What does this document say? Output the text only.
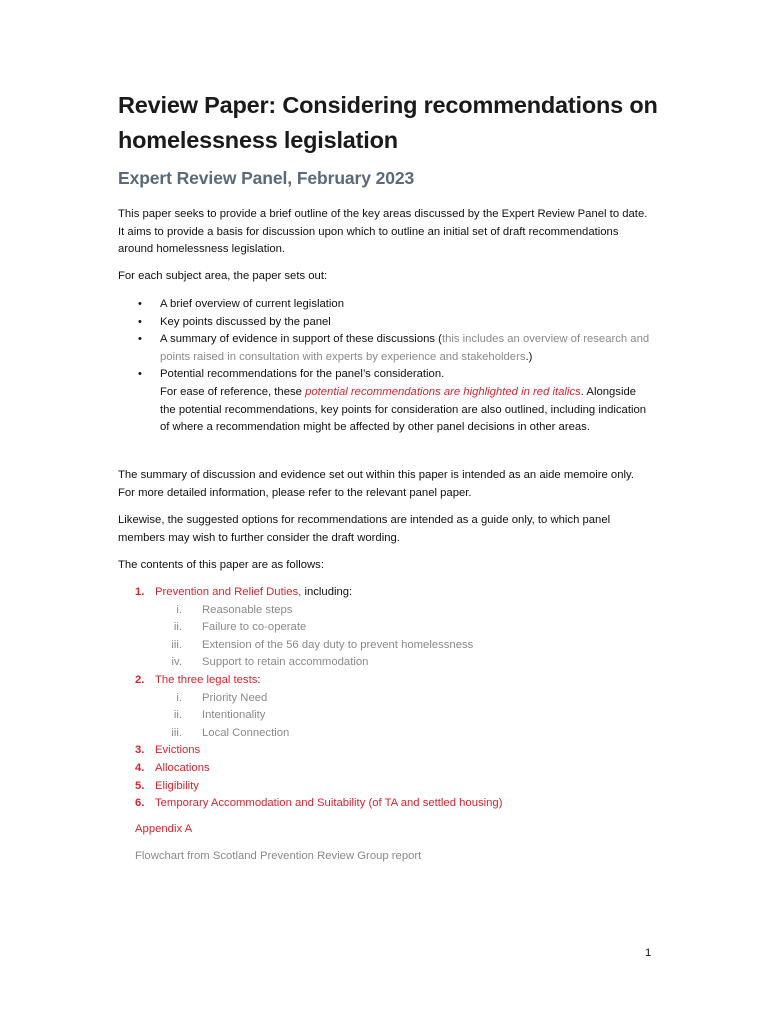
Review Paper: Considering recommendations on homelessness legislation
Expert Review Panel, February 2023
This paper seeks to provide a brief outline of the key areas discussed by the Expert Review Panel to date. It aims to provide a basis for discussion upon which to outline an initial set of draft recommendations around homelessness legislation.
For each subject area, the paper sets out:
• A brief overview of current legislation
• Key points discussed by the panel
• A summary of evidence in support of these discussions (this includes an overview of research and points raised in consultation with experts by experience and stakeholders.)
• Potential recommendations for the panel’s consideration.
For ease of reference, these potential recommendations are highlighted in red italics. Alongside the potential recommendations, key points for consideration are also outlined, including indication of where a recommendation might be affected by other panel decisions in other areas.
The summary of discussion and evidence set out within this paper is intended as an aide memoire only. For more detailed information, please refer to the relevant panel paper.
Likewise, the suggested options for recommendations are intended as a guide only, to which panel members may wish to further consider the draft wording.
The contents of this paper are as follows:
1. Prevention and Relief Duties, including:
i. Reasonable steps
ii. Failure to co-operate
iii. Extension of the 56 day duty to prevent homelessness
iv. Support to retain accommodation
2. The three legal tests:
i. Priority Need
ii. Intentionality
iii. Local Connection
3. Evictions
4. Allocations
5. Eligibility
6. Temporary Accommodation and Suitability (of TA and settled housing)
Appendix A
Flowchart from Scotland Prevention Review Group report
1
